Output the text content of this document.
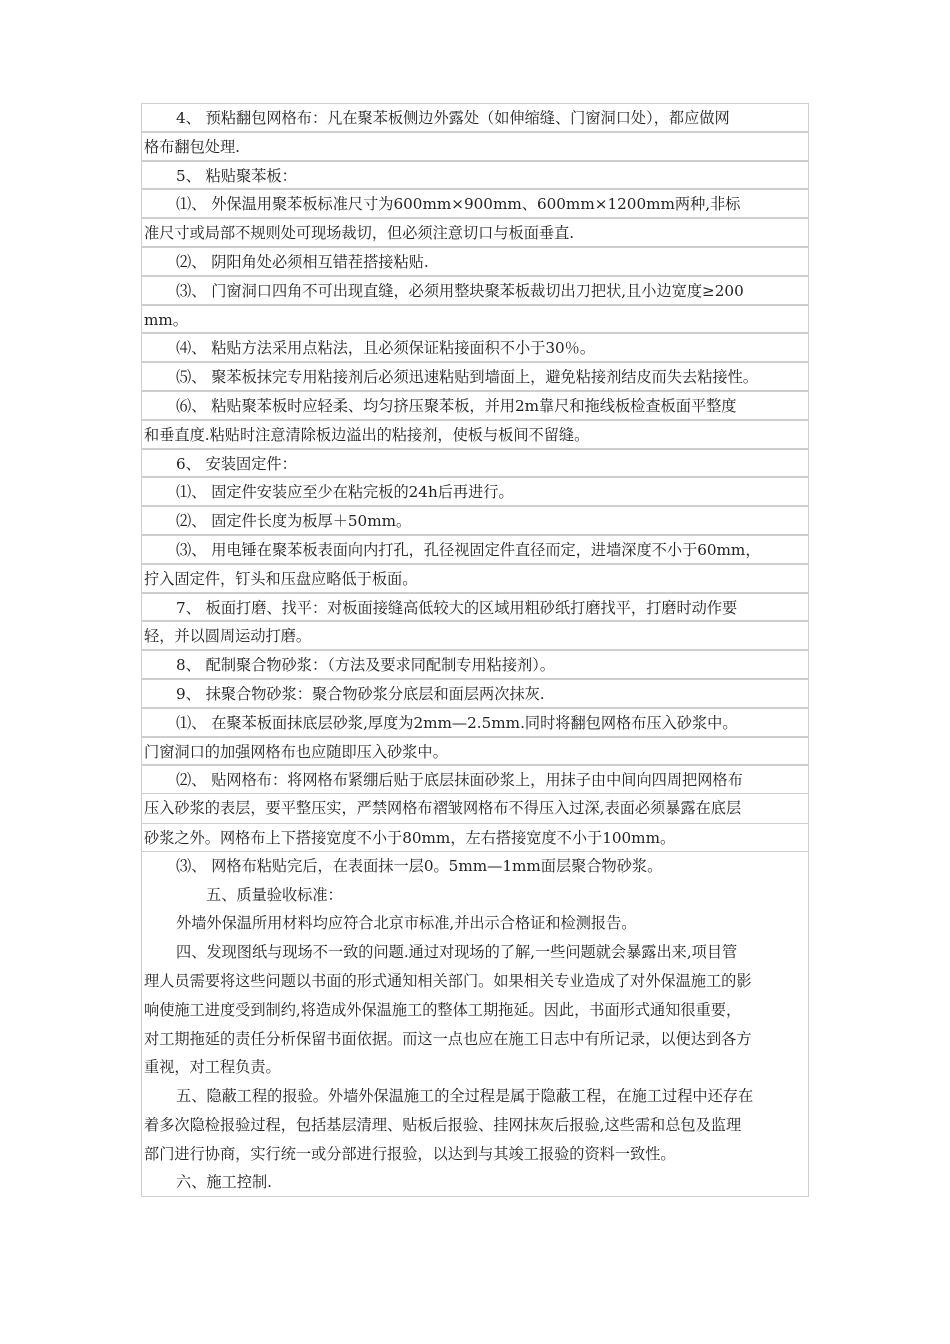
4、 预粘翻包网格布：凡在聚苯板侧边外露处（如伸缩缝、门窗洞口处），都应做网
格布翻包处理.
5、 粘贴聚苯板：
⑴、 外保温用聚苯板标准尺寸为600mm×900mm、600mm×1200mm两种,非标
准尺寸或局部不规则处可现场裁切，但必须注意切口与板面垂直.
⑵、 阴阳角处必须相互错茬搭接粘贴.
⑶、 门窗洞口四角不可出现直缝，必须用整块聚苯板裁切出刀把状,且小边宽度≥200
mm。
⑷、 粘贴方法采用点粘法，且必须保证粘接面积不小于30％。
⑸、 聚苯板抹完专用粘接剂后必须迅速粘贴到墙面上，避免粘接剂结皮而失去粘接性。
⑹、 粘贴聚苯板时应轻柔、均匀挤压聚苯板，并用2m靠尺和拖线板检查板面平整度
和垂直度.粘贴时注意清除板边溢出的粘接剂，使板与板间不留缝。
6、 安装固定件：
⑴、 固定件安装应至少在粘完板的24h后再进行。
⑵、 固定件长度为板厚＋50mm。
⑶、 用电锤在聚苯板表面向内打孔，孔径视固定件直径而定，进墙深度不小于60mm，
拧入固定件，钉头和压盘应略低于板面。
7、 板面打磨、找平：对板面接缝高低较大的区域用粗砂纸打磨找平，打磨时动作要
轻，并以圆周运动打磨。
8、 配制聚合物砂浆：（方法及要求同配制专用粘接剂）。
9、 抹聚合物砂浆：聚合物砂浆分底层和面层两次抹灰.
⑴、 在聚苯板面抹底层砂浆,厚度为2mm—2.5mm.同时将翻包网格布压入砂浆中。
门窗洞口的加强网格布也应随即压入砂浆中。
⑵、 贴网格布：将网格布紧绷后贴于底层抹面砂浆上，用抹子由中间向四周把网格布
压入砂浆的表层，要平整压实，严禁网格布褶皱网格布不得压入过深,表面必须暴露在底层
砂浆之外。网格布上下搭接宽度不小于80mm，左右搭接宽度不小于100mm。
⑶、 网格布粘贴完后，在表面抹一层0。5mm—1mm面层聚合物砂浆。
五、质量验收标准：
外墙外保温所用材料均应符合北京市标准,并出示合格证和检测报告。
四、发现图纸与现场不一致的问题.通过对现场的了解,一些问题就会暴露出来,项目管
理人员需要将这些问题以书面的形式通知相关部门。如果相关专业造成了对外保温施工的影
响使施工进度受到制约,将造成外保温施工的整体工期拖延。因此，书面形式通知很重要，
对工期拖延的责任分析保留书面依据。而这一点也应在施工日志中有所记录，以便达到各方
重视，对工程负责。
五、隐蔽工程的报验。外墙外保温施工的全过程是属于隐蔽工程，在施工过程中还存在
着多次隐检报验过程，包括基层清理、贴板后报验、挂网抹灰后报验,这些需和总包及监理
部门进行协商，实行统一或分部进行报验，以达到与其竣工报验的资料一致性。
六、施工控制.
